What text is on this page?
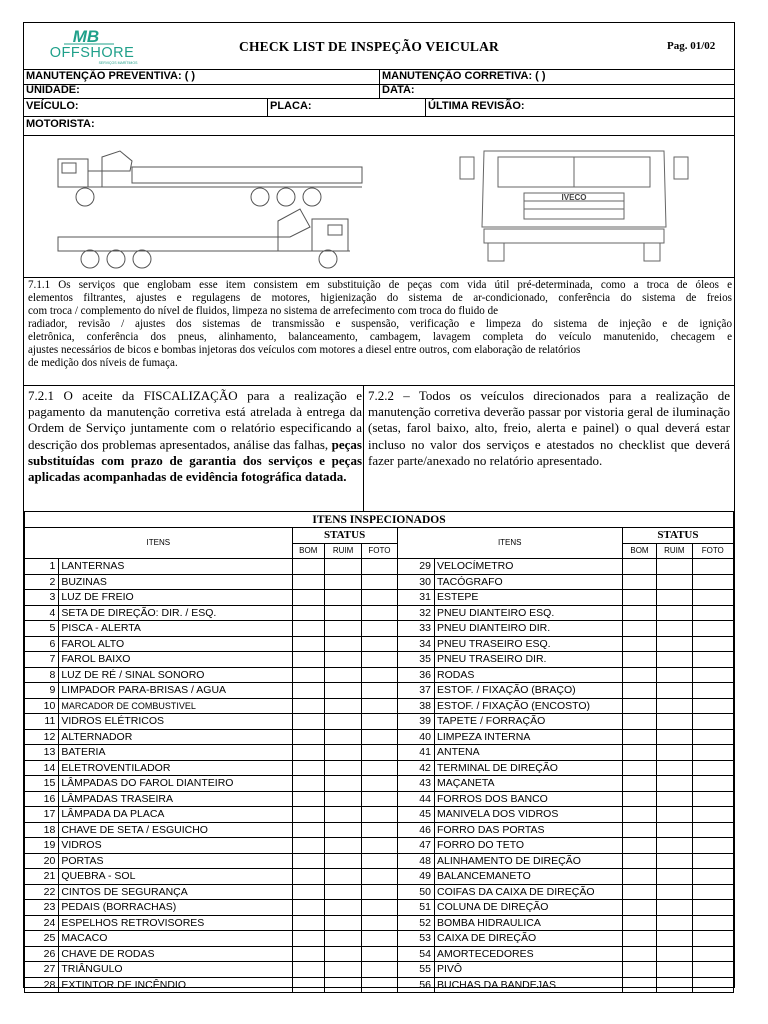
MB
OFFSHORE
SERVIÇOS MARÍTIMOS
CHECK LIST DE INSPEÇÃO VEICULAR	Pag. 01/02
MANUTENÇÃO PREVENTIVA: ( )	MANUTENÇÃO CORRETIVA: ( )
UNIDADE:	DATA:
VEÍCULO:	PLACA:	ÚLTIMA REVISÃO:
MOTORISTA:
IVECO
7.1.1 Os serviços que englobam esse item consistem em substituição de peças com vida útil pré-determinada, como a troca de óleos e
elementos filtrantes, ajustes e regulagens de motores, higienização do sistema de ar-condicionado, conferência do sistema de freios
com troca / complemento do nível de fluidos, limpeza no sistema de arrefecimento com troca do fluido de
radiador, revisão / ajustes dos sistemas de transmissão e suspensão, verificação e limpeza do sistema de injeção e de ignição
eletrônica, conferência dos pneus, alinhamento, balanceamento, cambagem, lavagem completa do veículo manutenido, checagem e
ajustes necessários de bicos e bombas injetoras dos veículos com motores a diesel entre outros, com elaboração de relatórios
de medição dos níveis de fumaça.
7.2.1 O aceite da FISCALIZAÇÃO para a realização e pagamento da manutenção corretiva está atrelada à entrega da Ordem de Serviço juntamente com o relatório especificando a descrição dos problemas apresentados, análise das falhas, peças substituídas com prazo de garantia dos serviços e peças aplicadas acompanhadas de evidência fotográfica datada.
7.2.2 – Todos os veículos direcionados para a realização de manutenção corretiva deverão passar por vistoria geral de iluminação (setas, farol baixo, alto, freio, alerta e painel) o qual deverá estar incluso no valor dos serviços e atestados no checklist que deverá fazer parte/anexado no relatório apresentado.
ITENS INSPECIONADOS									
ITENS		STATUS			ITENS		STATUS		
		BOM	RUIM	FOTO			BOM	RUIM	FOTO
1	LANTERNAS				29	VELOCÍMETRO			
2	BUZINAS				30	TACÓGRAFO			
3	LUZ DE FREIO				31	ESTEPE			
4	SETA DE DIREÇÃO: DIR. / ESQ.				32	PNEU DIANTEIRO ESQ.			
5	PISCA - ALERTA				33	PNEU DIANTEIRO DIR.			
6	FAROL ALTO				34	PNEU TRASEIRO ESQ.			
7	FAROL BAIXO				35	PNEU TRASEIRO DIR.			
8	LUZ DE RÉ / SINAL SONORO				36	RODAS			
9	LIMPADOR PARA-BRISAS / AGUA				37	ESTOF. / FIXAÇÃO (BRAÇO)			
10	MARCADOR DE COMBUSTIVEL				38	ESTOF. / FIXAÇÃO (ENCOSTO)			
11	VIDROS ELÉTRICOS				39	TAPETE / FORRAÇÃO			
12	ALTERNADOR				40	LIMPEZA INTERNA			
13	BATERIA				41	ANTENA			
14	ELETROVENTILADOR				42	TERMINAL DE DIREÇÃO			
15	LÂMPADAS DO FAROL DIANTEIRO				43	MAÇANETA			
16	LÂMPADAS TRASEIRA				44	FORROS DOS BANCO			
17	LÂMPADA DA PLACA				45	MANIVELA DOS VIDROS			
18	CHAVE DE SETA / ESGUICHO				46	FORRO DAS PORTAS			
19	VIDROS				47	FORRO DO TETO			
20	PORTAS				48	ALINHAMENTO DE DIREÇÃO			
21	QUEBRA - SOL				49	BALANCEMANETO			
22	CINTOS DE SEGURANÇA				50	COIFAS DA CAIXA DE DIREÇÃO			
23	PEDAIS (BORRACHAS)				51	COLUNA DE DIREÇÃO			
24	ESPELHOS RETROVISORES				52	BOMBA HIDRAULICA			
25	MACACO				53	CAIXA DE DIREÇÃO			
26	CHAVE DE RODAS				54	AMORTECEDORES			
27	TRIÂNGULO				55	PIVÔ			
28	EXTINTOR DE INCÊNDIO				56	BUCHAS DA BANDEJAS			
